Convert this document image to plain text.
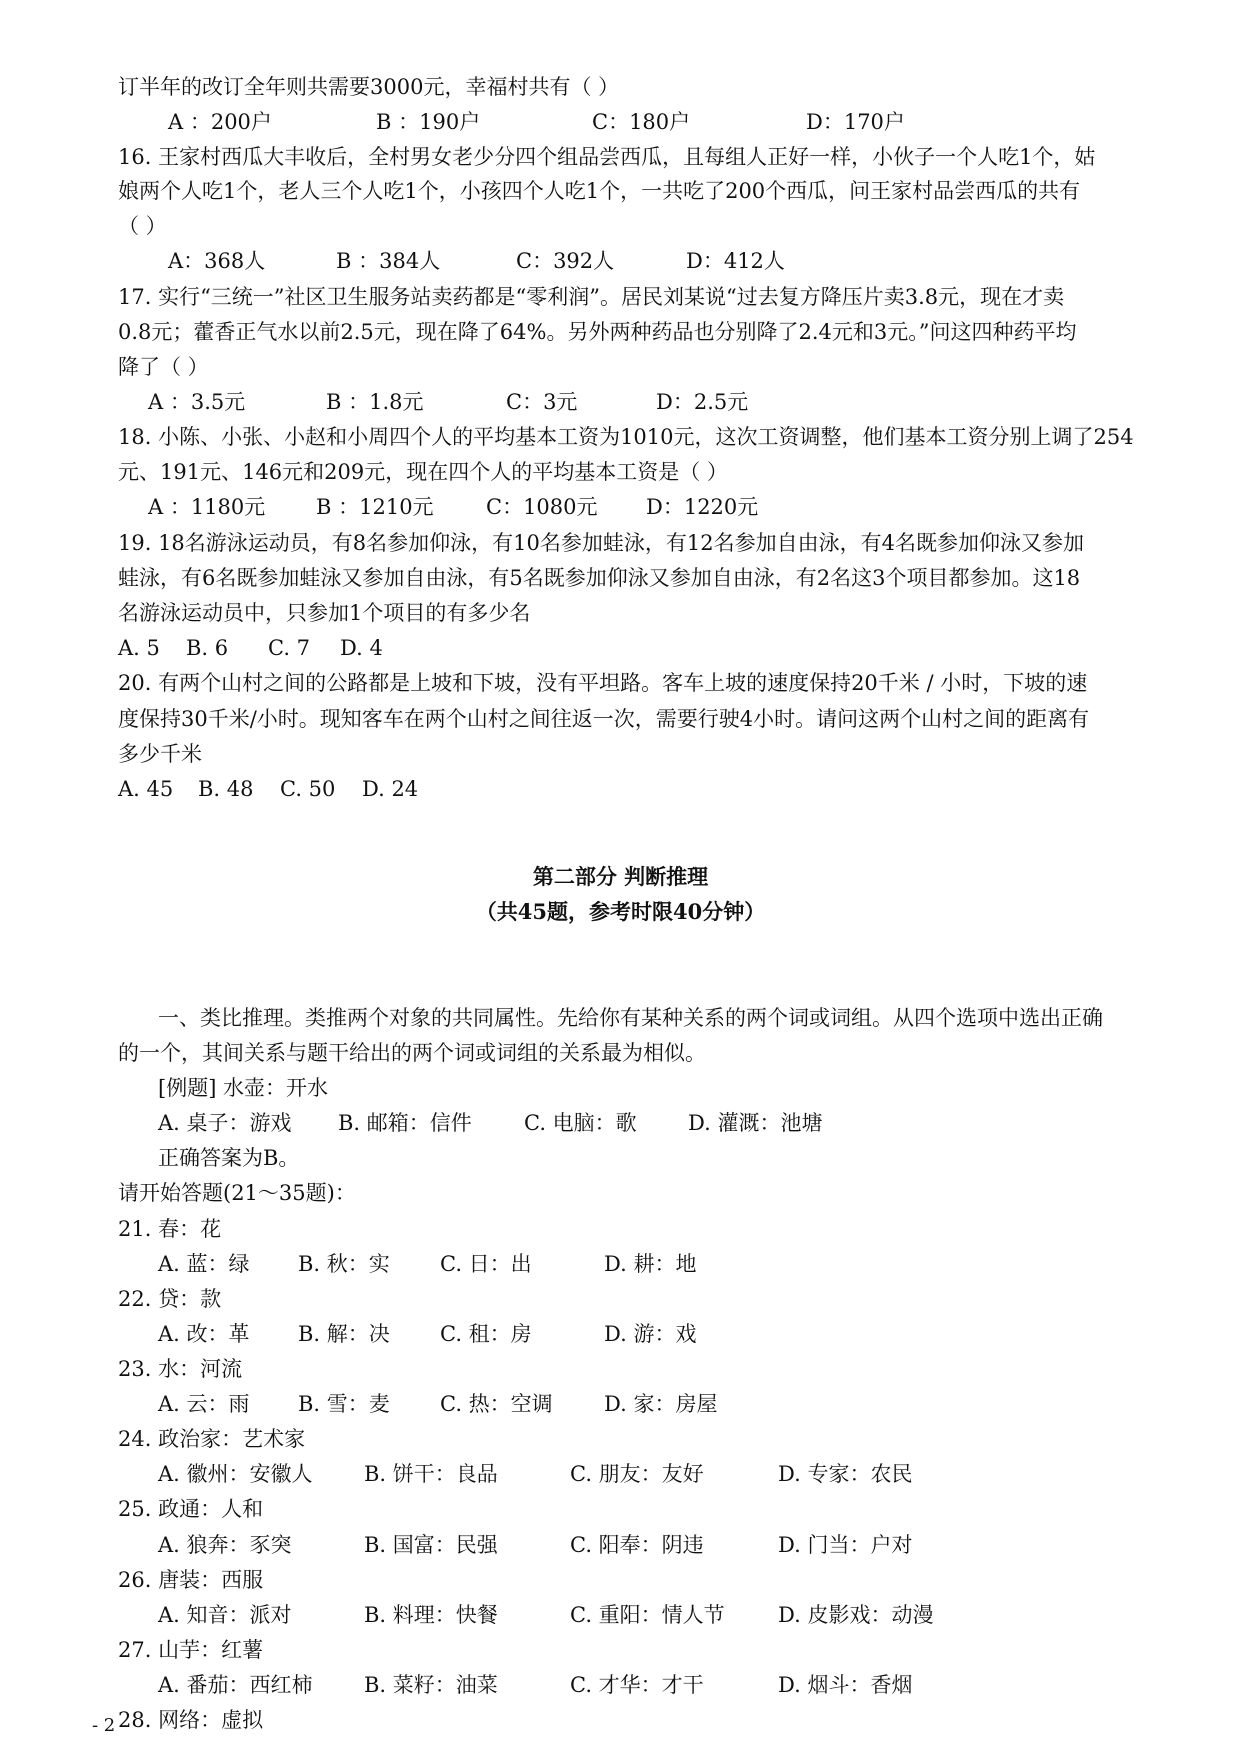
订半年的改订全年则共需要3000元，幸福村共有（ ）
A ：200户	B ：190户	C：180户	D：170户
16. 王家村西瓜大丰收后，全村男女老少分四个组品尝西瓜，且每组人正好一样，小伙子一个人吃1个，姑
娘两个人吃1个，老人三个人吃1个，小孩四个人吃1个，一共吃了200个西瓜，问王家村品尝西瓜的共有
（ ）
A：368人	B ：384人	C：392人	D：412人
17. 实行“三统一”社区卫生服务站卖药都是“零利润”。居民刘某说“过去复方降压片卖3.8元，现在才卖
0.8元；藿香正气水以前2.5元，现在降了64%。另外两种药品也分别降了2.4元和3元。”问这四种药平均
降了（ ）
A ：3.5元	B ：1.8元	C：3元	D：2.5元
18. 小陈、小张、小赵和小周四个人的平均基本工资为1010元，这次工资调整，他们基本工资分别上调了254
元、191元、146元和209元，现在四个人的平均基本工资是（ ）
A ：1180元 B ：1210元 C：1080元 D：1220元
19. 18名游泳运动员，有8名参加仰泳，有10名参加蛙泳，有12名参加自由泳，有4名既参加仰泳又参加
蛙泳，有6名既参加蛙泳又参加自由泳，有5名既参加仰泳又参加自由泳，有2名这3个项目都参加。这18
名游泳运动员中，只参加1个项目的有多少名
A. 5 B. 6 C. 7 D. 4
20. 有两个山村之间的公路都是上坡和下坡，没有平坦路。客车上坡的速度保持20千米 / 小时，下坡的速
度保持30千米/小时。现知客车在两个山村之间往返一次，需要行驶4小时。请问这两个山村之间的距离有
多少千米
A. 45 B. 48 C. 50 D. 24
一、类比推理。类推两个对象的共同属性。先给你有某种关系的两个词或词组。从四个选项中选出正确
的一个，其间关系与题干给出的两个词或词组的关系最为相似。
[例题] 水壶：开水
A. 桌子：游戏 B. 邮箱：信件 C. 电脑：歌 D. 灌溉：池塘
正确答案为B。
请开始答题(21～35题)：
21. 春：花
A. 蓝：绿 B. 秋：实 C. 日：出	D. 耕：地
22. 贷：款
A. 改：革 B. 解：决 C. 租：房	D. 游：戏
23. 水：河流
A. 云：雨 B. 雪：麦 C. 热：空调 D. 家：房屋
24. 政治家：艺术家
A. 徽州：安徽人 B. 饼干：良品	C. 朋友：友好	D. 专家：农民
25. 政通：人和
A. 狼奔：豕突	B. 国富：民强	C. 阳奉：阴违	D. 门当：户对
26. 唐装：西服
A. 知音：派对	B. 料理：快餐	C. 重阳：情人节	D. 皮影戏：动漫
27. 山芋：红薯
A. 番茄：西红柿 B. 菜籽：油菜	C. 才华：才干	D. 烟斗：香烟
28. 网络：虚拟
第二部分 判断推理
（共45题，参考时限40分钟）
- 2 -
